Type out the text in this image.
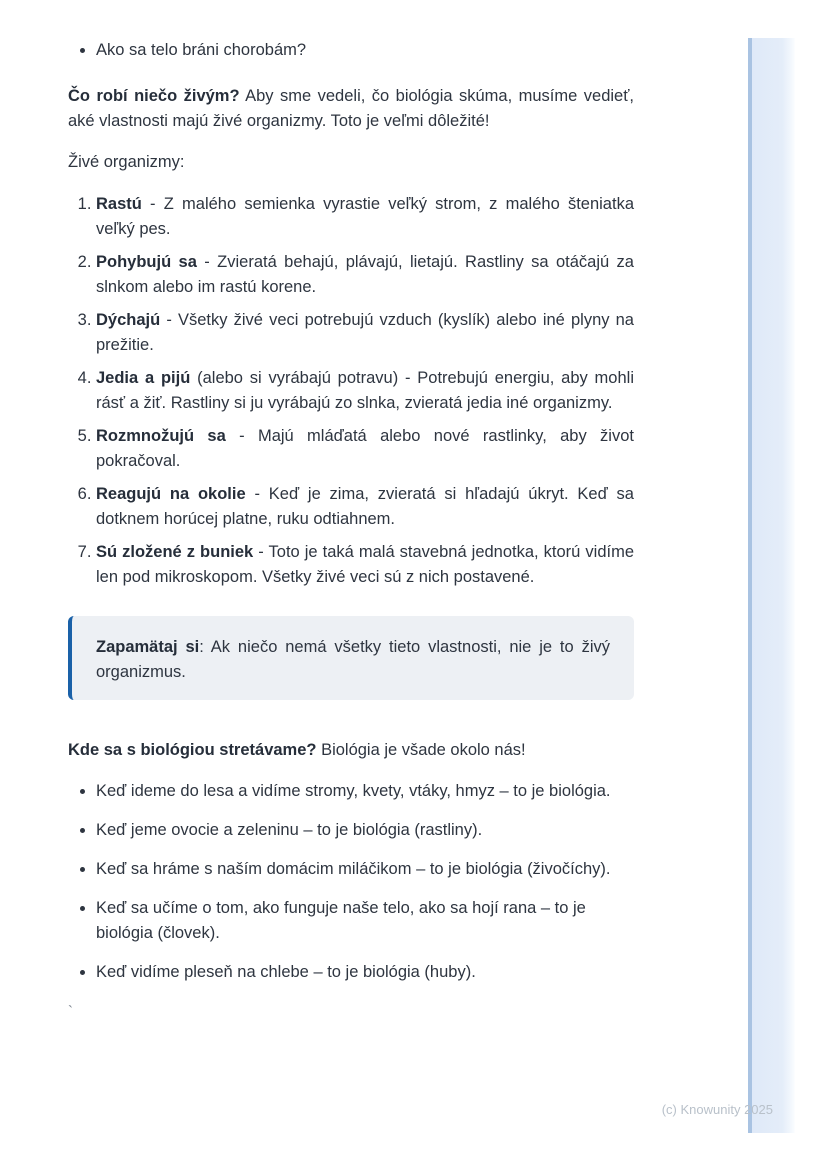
• Ako sa telo bráni chorobám?

Čo robí niečo živým? Aby sme vedeli, čo biológia skúma, musíme vedieť, aké vlastnosti majú živé organizmy. Toto je veľmi dôležité!

Živé organizmy:

1. Rastú - Z malého semienka vyrastie veľký strom, z malého šteniatka veľký pes.
2. Pohybujú sa - Zvieratá behajú, plávajú, lietajú. Rastliny sa otáčajú za slnkom alebo im rastú korene.
3. Dýchajú - Všetky živé veci potrebujú vzduch (kyslík) alebo iné plyny na prežitie.
4. Jedia a pijú (alebo si vyrábajú potravu) - Potrebujú energiu, aby mohli rásť a žiť. Rastliny si ju vyrábajú zo slnka, zvieratá jedia iné organizmy.
5. Rozmnožujú sa - Majú mláďatá alebo nové rastlinky, aby život pokračoval.
6. Reagujú na okolie - Keď je zima, zvieratá si hľadajú úkryt. Keď sa dotknem horúcej platne, ruku odtiahnem.
7. Sú zložené z buniek - Toto je taká malá stavebná jednotka, ktorú vidíme len pod mikroskopom. Všetky živé veci sú z nich postavené.

Zapamätaj si: Ak niečo nemá všetky tieto vlastnosti, nie je to živý organizmus.

Kde sa s biológiou stretávame? Biológia je všade okolo nás!

• Keď ideme do lesa a vidíme stromy, kvety, vtáky, hmyz – to je biológia.
• Keď jeme ovocie a zeleninu – to je biológia (rastliny).
• Keď sa hráme s naším domácim miláčikom – to je biológia (živočíchy).
• Keď sa učíme o tom, ako funguje naše telo, ako sa hojí rana – to je biológia (človek).
• Keď vidíme pleseň na chlebe – to je biológia (huby).
`
(c) Knowunity 2025
